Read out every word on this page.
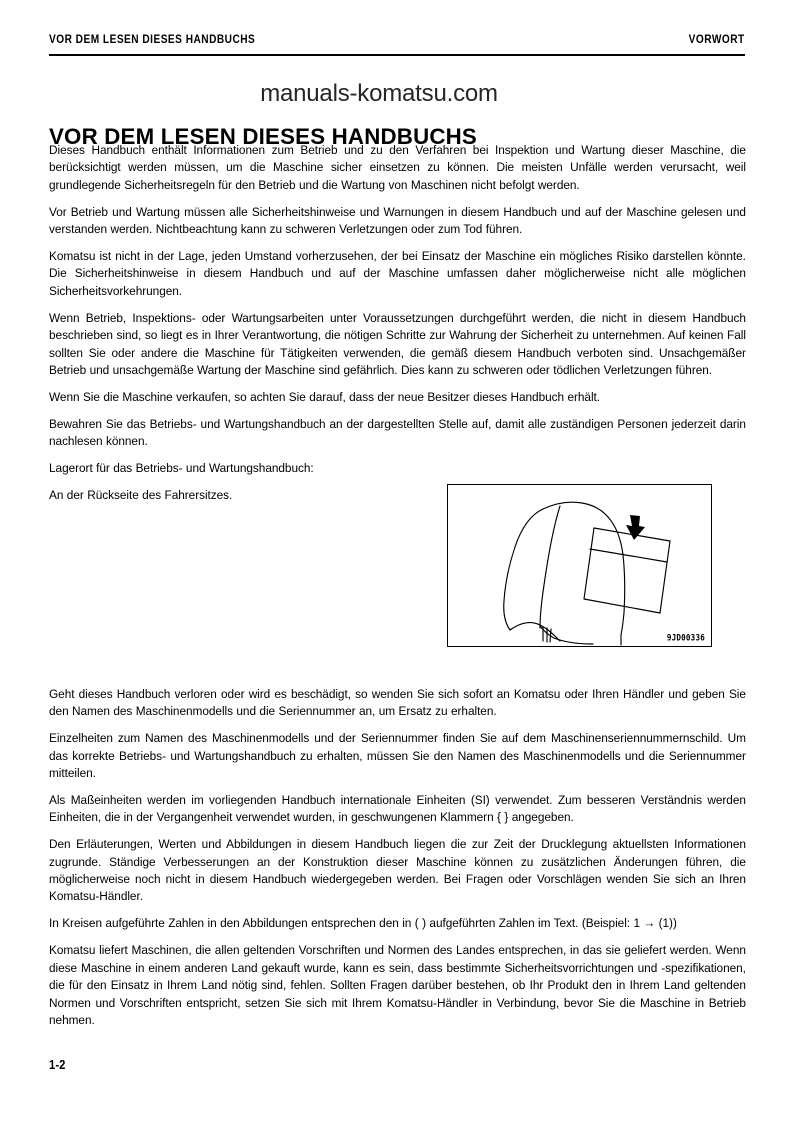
VOR DEM LESEN DIESES HANDBUCHS	VORWORT
manuals-komatsu.com
VOR DEM LESEN DIESES HANDBUCHS

Dieses Handbuch enthält Informationen zum Betrieb und zu den Verfahren bei Inspektion und Wartung dieser Maschine, die berücksichtigt werden müssen, um die Maschine sicher einsetzen zu können. Die meisten Unfälle werden verursacht, weil grundlegende Sicherheitsregeln für den Betrieb und die Wartung von Maschinen nicht befolgt werden.

Vor Betrieb und Wartung müssen alle Sicherheitshinweise und Warnungen in diesem Handbuch und auf der Maschine gelesen und verstanden werden. Nichtbeachtung kann zu schweren Verletzungen oder zum Tod führen.

Komatsu ist nicht in der Lage, jeden Umstand vorherzusehen, der bei Einsatz der Maschine ein mögliches Risiko darstellen könnte. Die Sicherheitshinweise in diesem Handbuch und auf der Maschine umfassen daher möglicherweise nicht alle möglichen Sicherheitsvorkehrungen.

Wenn Betrieb, Inspektions- oder Wartungsarbeiten unter Voraussetzungen durchgeführt werden, die nicht in diesem Handbuch beschrieben sind, so liegt es in Ihrer Verantwortung, die nötigen Schritte zur Wahrung der Sicherheit zu unternehmen. Auf keinen Fall sollten Sie oder andere die Maschine für Tätigkeiten verwenden, die gemäß diesem Handbuch verboten sind. Unsachgemäßer Betrieb und unsachgemäße Wartung der Maschine sind gefährlich. Dies kann zu schweren oder tödlichen Verletzungen führen.

Wenn Sie die Maschine verkaufen, so achten Sie darauf, dass der neue Besitzer dieses Handbuch erhält.

Bewahren Sie das Betriebs- und Wartungshandbuch an der dargestellten Stelle auf, damit alle zuständigen Personen jederzeit darin nachlesen können.

Lagerort für das Betriebs- und Wartungshandbuch:

An der Rückseite des Fahrersitzes.

Geht dieses Handbuch verloren oder wird es beschädigt, so wenden Sie sich sofort an Komatsu oder Ihren Händler und geben Sie den Namen des Maschinenmodells und die Seriennummer an, um Ersatz zu erhalten.

Einzelheiten zum Namen des Maschinenmodells und der Seriennummer finden Sie auf dem Maschinenseriennummernschild. Um das korrekte Betriebs- und Wartungshandbuch zu erhalten, müssen Sie den Namen des Maschinenmodells und die Seriennummer mitteilen.

Als Maßeinheiten werden im vorliegenden Handbuch internationale Einheiten (SI) verwendet. Zum besseren Verständnis werden Einheiten, die in der Vergangenheit verwendet wurden, in geschwungenen Klammern { } angegeben.

Den Erläuterungen, Werten und Abbildungen in diesem Handbuch liegen die zur Zeit der Drucklegung aktuellsten Informationen zugrunde. Ständige Verbesserungen an der Konstruktion dieser Maschine können zu zusätzlichen Änderungen führen, die möglicherweise noch nicht in diesem Handbuch wiedergegeben werden. Bei Fragen oder Vorschlägen wenden Sie sich an Ihren Komatsu-Händler.

In Kreisen aufgeführte Zahlen in den Abbildungen entsprechen den in ( ) aufgeführten Zahlen im Text. (Beispiel: 1 → (1))

Komatsu liefert Maschinen, die allen geltenden Vorschriften und Normen des Landes entsprechen, in das sie geliefert werden. Wenn diese Maschine in einem anderen Land gekauft wurde, kann es sein, dass bestimmte Sicherheitsvorrichtungen und -spezifikationen, die für den Einsatz in Ihrem Land nötig sind, fehlen. Sollten Fragen darüber bestehen, ob Ihr Produkt den in Ihrem Land geltenden Normen und Vorschriften entspricht, setzen Sie sich mit Ihrem Komatsu-Händler in Verbindung, bevor Sie die Maschine in Betrieb nehmen.

9JD00336
1-2
